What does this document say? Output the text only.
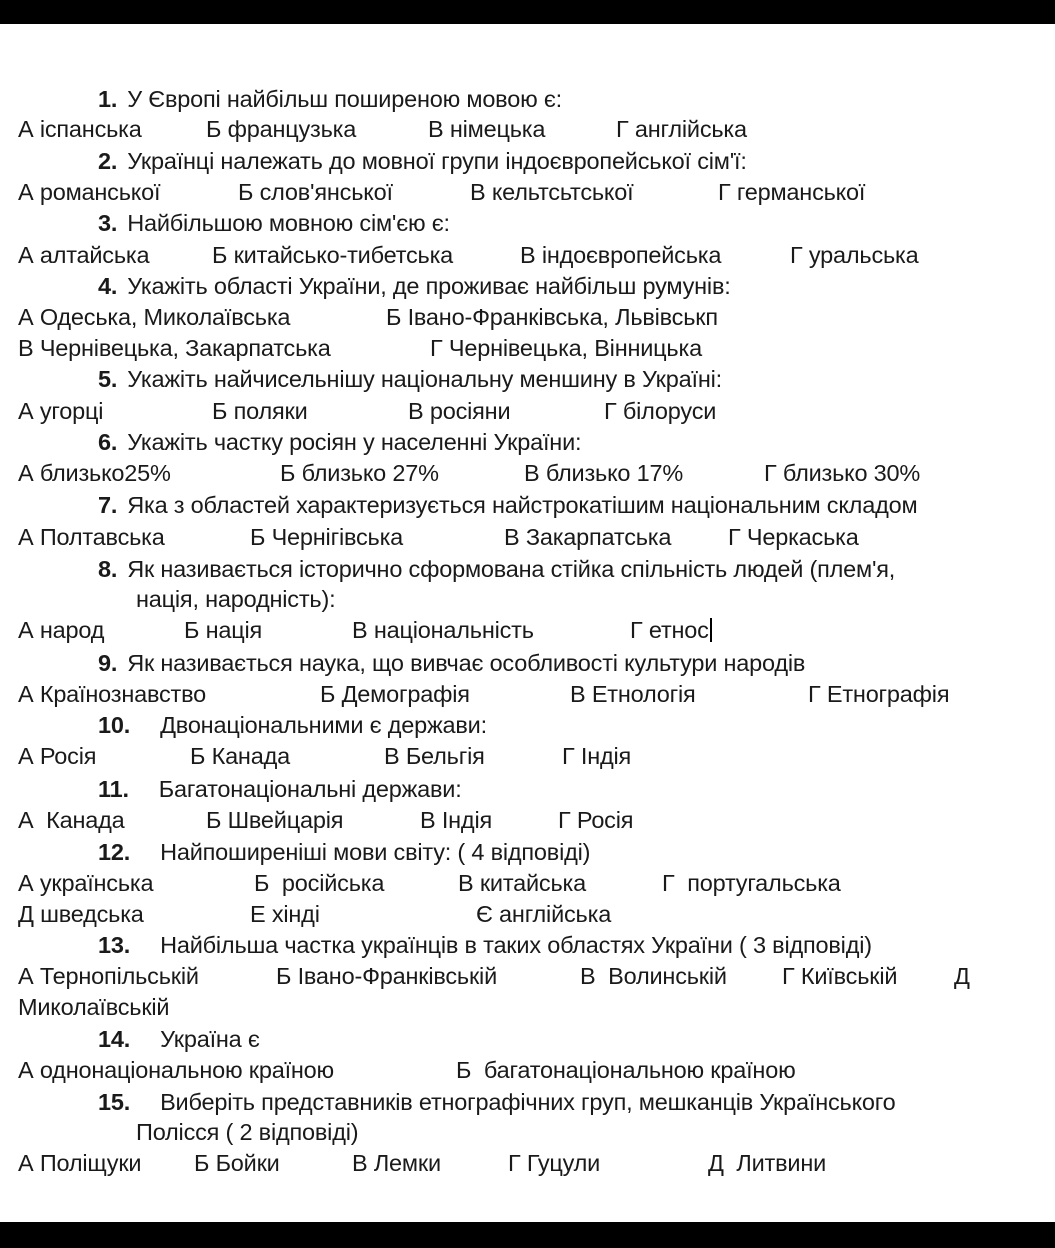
1. У Європі найбільш поширеною мовою є:
А іспанська	Б французька	В німецька	Г англійська
2. Українці належать до мовної групи індоєвропейської сім'ї:
А романської	Б слов'янської	В кельтсьтської	Г германської
3. Найбільшою мовною сім'єю є:
А алтайська	Б китайсько-тибетська	В індоєвропейська	Г уральська
4. Укажіть області України, де проживає найбільш румунів:
А Одеська, Миколаївська	Б Івано-Франківська, Львівськп
В Чернівецька, Закарпатська	Г Чернівецька, Вінницька
5. Укажіть найчисельнішу національну меншину в Україні:
А угорці	Б поляки	В росіяни	Г білоруси
6. Укажіть частку росіян у населенні України:
А близько25%	Б близько 27%	В близько 17%	Г близько 30%
7. Яка з областей характеризується найстрокатішим національним складом
А Полтавська	Б Чернігівська	В Закарпатська Г Черкаська
8. Як називається історично сформована стійка спільність людей (плем'я,
нація, народність):
А народ	Б нація	В національність	Г етнос
9. Як називається наука, що вивчає особливості культури народів
А Країнознавство	Б Демографія	В Етнологія	Г Етнографія
10. Двонаціональними є держави:
А Росія	Б Канада	В Бельгія	Г Індія
11. Багатонаціональні держави:
А Канада	Б Швейцарія	В Індія	Г Росія
12. Найпоширеніші мови світу: ( 4 відповіді)
А українська	Б російська	В китайська	Г португальська
Д шведська	Е хінді	Є англійська
13. Найбільша частка українців в таких областях України ( 3 відповіді)
А Тернопільській	Б Івано-Франківській	В Волинській Г Київській Д
Миколаївській
14. Україна є
А однонаціональною країною	Б багатонаціональною країною
15. Виберіть представників етнографічних груп, мешканців Українського
Полісся ( 2 відповіді)
А Поліщуки Б Бойки	В Лемки	Г Гуцули	Д Литвини
